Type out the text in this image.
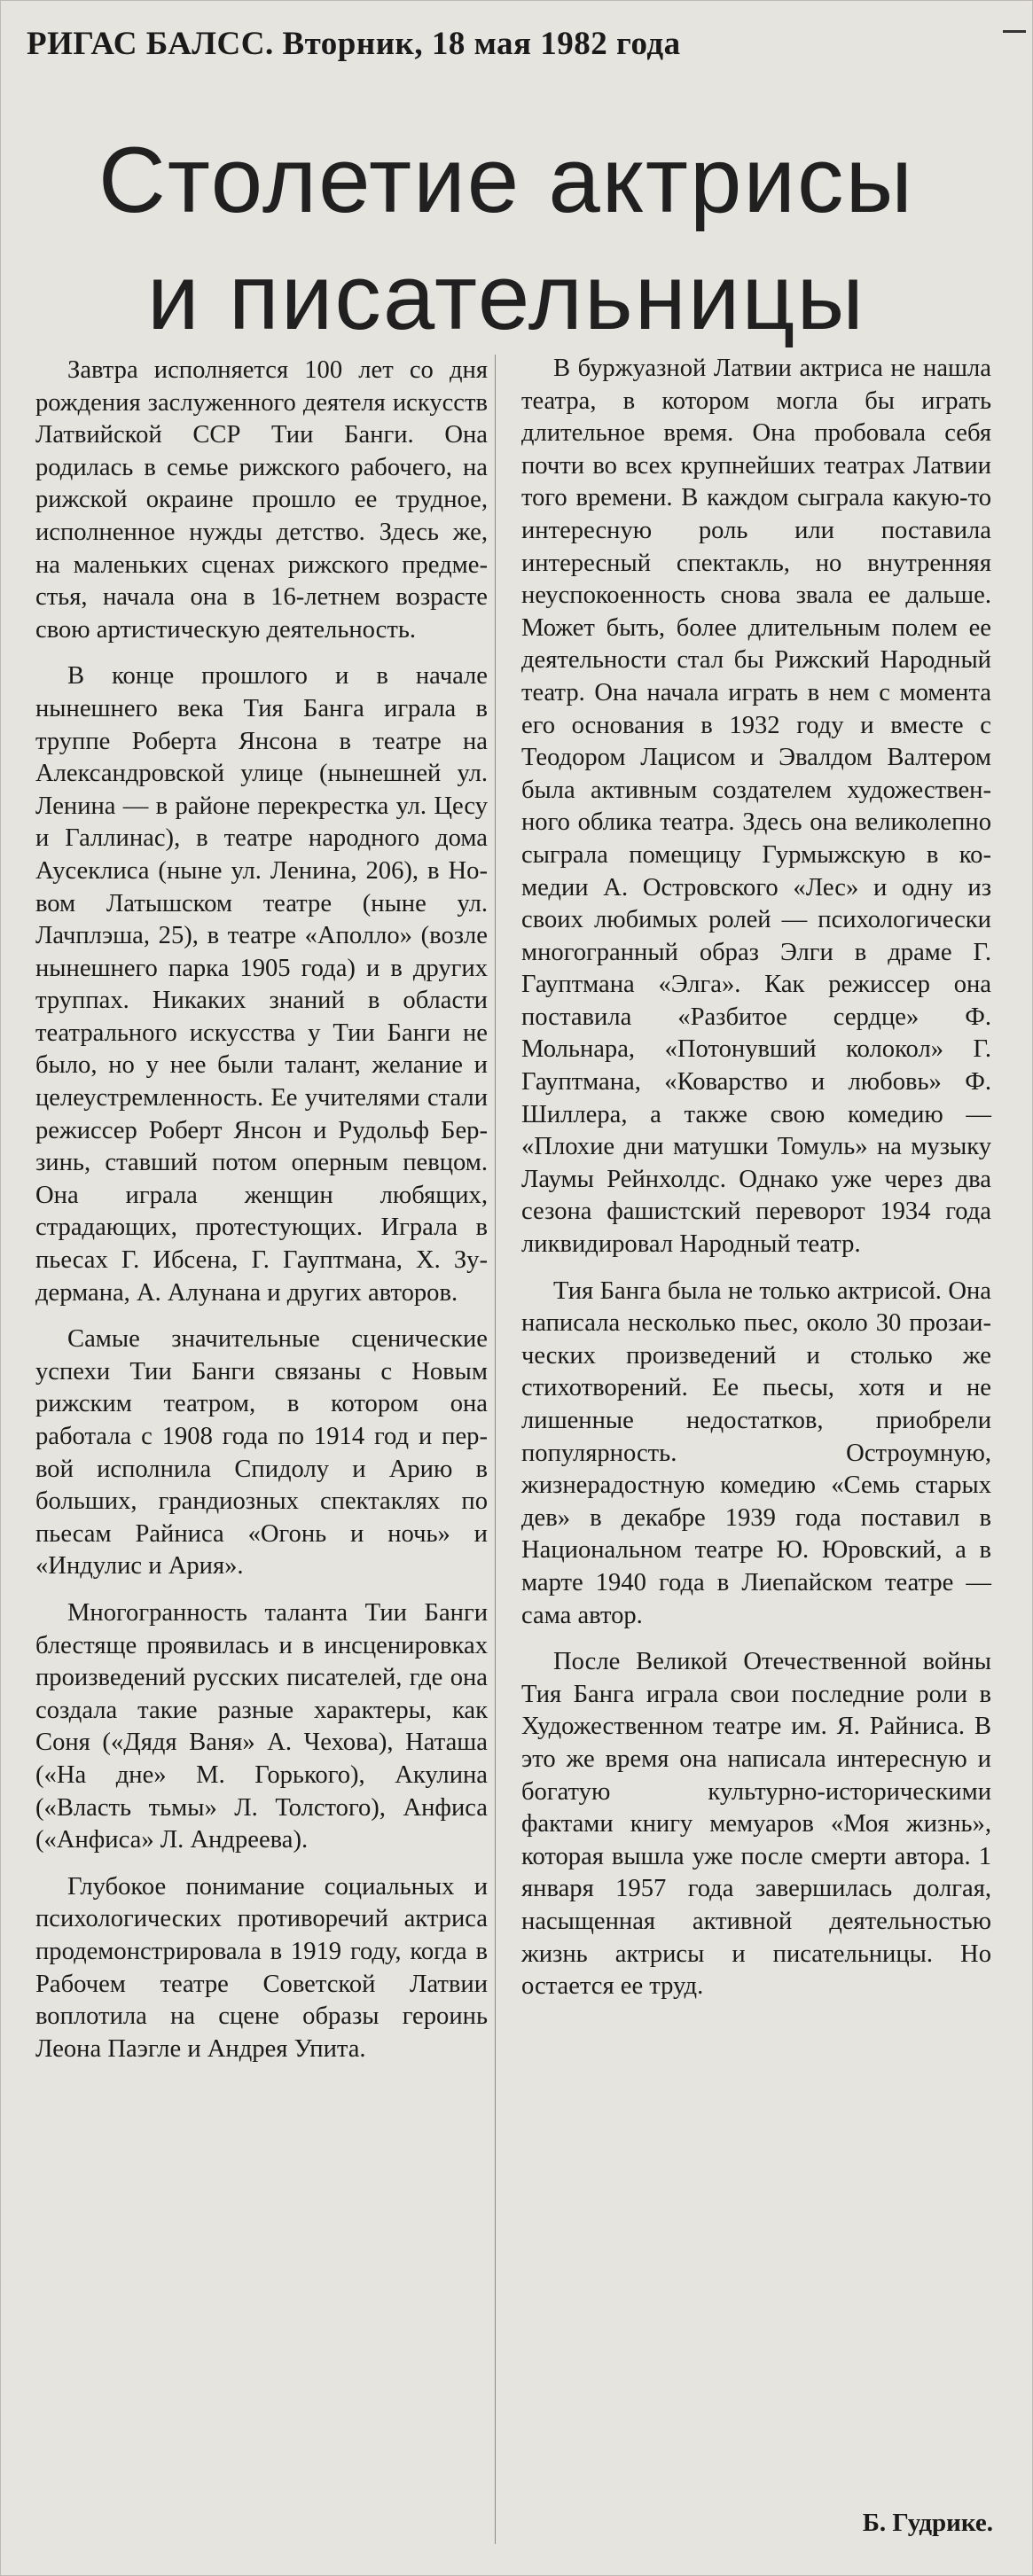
РИГАС БАЛСС. Вторник, 18 мая 1982 года
Столетие актрисы
и писательницы

Завтра исполняется 100 лет со дня рождения заслуженного деятеля искусств Латвийской ССР Тии Банги. Она родилась в семье рижского рабочего, на рижской окраине прошло ее трудное, исполненное нужды детство. Здесь же, на маленьких сценах рижского предместья, начала она в 16-летнем возрасте свою артистическую деятельность.

В конце прошлого и в начале нынешнего века Тия Банга играла в труппе Роберта Янсона в театре на Александровской улице (нынешней ул. Ленина — в районе перекрестка ул. Цесу и Галлинас), в театре народного дома Аусеклиса (ныне ул. Ленина, 206), в Новом Латышском театре (ныне ул. Лачплэша, 25), в театре «Аполло» (возле нынешнего парка 1905 года) и в других труппах. Никаких знаний в области театрального искусства у Тии Банги не было, но у нее были талант, желание и целеустремленность. Ее учителями стали режиссер Роберт Янсон и Рудольф Берзинь, ставший потом оперным певцом. Она играла женщин любящих, страдающих, протестующих. Играла в пьесах Г. Ибсена, Г. Гауптмана, Х. Зудермана, А. Алунана и других авторов.

Самые значительные сценические успехи Тии Банги связаны с Новым рижским театром, в котором она работала с 1908 года по 1914 год и первой исполнила Спидолу и Арию в больших, грандиозных спектаклях по пьесам Райниса «Огонь и ночь» и «Индулис и Ария».

Многогранность таланта Тии Банги блестяще проявилась и в инсценировках произведений русских писателей, где она создала такие разные характеры, как Соня («Дядя Ваня» А. Чехова), Наташа («На дне» М. Горького), Акулина («Власть тьмы» Л. Толстого), Анфиса («Анфиса» Л. Андреева).

Глубокое понимание социальных и психологических противоречий актриса продемонстрировала в 1919 году, когда в Рабочем театре Советской Латвии воплотила на сцене образы героинь Леона Паэгле и Андрея Упита.

В буржуазной Латвии актриса не нашла театра, в котором могла бы играть длительное время. Она пробовала себя почти во всех крупнейших театрах Латвии того времени. В каждом сыграла какую-то интересную роль или поставила интересный спектакль, но внутренняя неуспокоенность снова звала ее дальше. Может быть, более длительным полем ее деятельности стал бы Рижский Народный театр. Она начала играть в нем с момента его основания в 1932 году и вместе с Теодором Лацисом и Эвалдом Валтером была активным создателем художественного облика театра. Здесь она великолепно сыграла помещицу Гурмыжскую в комедии А. Островского «Лес» и одну из своих любимых ролей — психологически многогранный образ Элги в драме Г. Гауптмана «Элга». Как режиссер она поставила «Разбитое сердце» Ф. Мольнара, «Потонувший колокол» Г. Гауптмана, «Коварство и любовь» Ф. Шиллера, а также свою комедию — «Плохие дни матушки Томуль» на музыку Лаумы Рейнхолдс. Однако уже через два сезона фашистский переворот 1934 года ликвидировал Народный театр.

Тия Банга была не только актрисой. Она написала несколько пьес, около 30 прозаических произведений и столько же стихотворений. Ее пьесы, хотя и не лишенные недостатков, приобрели популярность. Остроумную, жизнерадостную комедию «Семь старых дев» в декабре 1939 года поставил в Национальном театре Ю. Юровский, а в марте 1940 года в Лиепайском театре — сама автор.

После Великой Отечественной войны Тия Банга играла свои последние роли в Художественном театре им. Я. Райниса. В это же время она написала интересную и богатую культурно-историческими фактами книгу мемуаров «Моя жизнь», которая вышла уже после смерти автора. 1 января 1957 года завершилась долгая, насыщенная активной деятельностью жизнь актрисы и писательницы. Но остается ее труд.

Б. Гудрике.
